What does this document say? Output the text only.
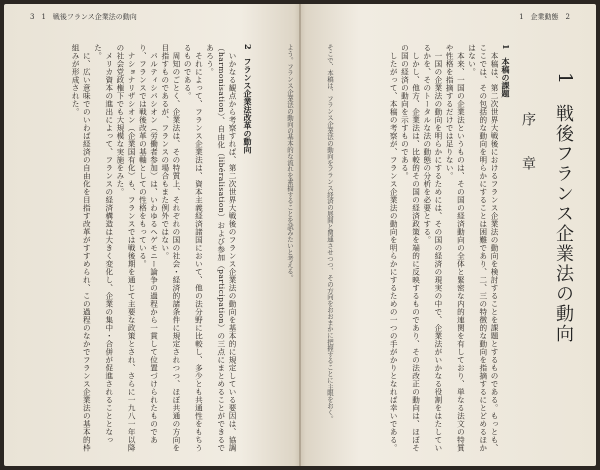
3　1　戦後フランス企業法の動向
よう。フランス企業法の動向の基本的な流れを素描することを試みたいと考える。
2　フランス企業法改革の動向

いかなる観点から考察すれば、第二次世界大戦後のフランス企業法の動向を基本的に規定している要因は、協調（harmonisation）、自由化（libéralisation）および参加（participation）の三点にまとめることができるであろう。

それによって、フランス企業法は、資本主義経済諸国において、他の法分野に比較し、多少とも共通性をもちうるものである。

周知のごとく、企業法は、その特質上、それぞれの国の社会・経済的諸条件に規定されつつ、ほぼ共通の方向を目指すものであるが、フランスの場合もまた例外ではない。

パルティシパシオン（労働者参加）は、いわゆるヘゲモニー論争の過程から一貫して位置づけられたものであり、フランスでは戦後改革の基軸としての性格をもっている。

ナショナリザシオン（企業国有化）も、フランスでは戦後期を通じて主要な政策とされ、さらに一九八一年以降の社会党政権下でも大規模な実施をみた。

メリカ資本の進出によって、フランスの経済構造は大きく変化し、企業の集中・合併が促進されることとなった。

に、広い意味でのいわば経済の自由化を目指す改革がすすめられ、この過程のなかでフランス企業法の基本的枠組みが形成された。

1　企業動態　2
1
戦後フランス企業法の動向
序　章
1　本稿の課題

本稿は、第二次世界大戦後におけるフランス企業法の動向を検討することを課題とするものである。もっとも、ここでは、その包括的な動向を明らかにすることは困難であり、二、三の特徴的な動向を指摘するにとどめるほかはない。

本来、一国の企業法というものは、その国の経済動向の全体と緊密な内的連関を有しており、単なる法文の特質や性格を指摘するだけでは足りない。

一国の企業法の動向を明らかにするためには、その国の経済の現実の中で、企業法がいかなる役割をはたしているかを、そのトータルな法の動態の分析を必要とする。

しかし、他方、企業法は、比較的その国の経済政策を端的に反映するものであり、その法改正の動向は、ほぼその国の経済の動向を示すものである。

したがって、本稿の考察が、フランス企業法の動向を明らかにするための一つの手がかりとなれば幸いである。

そこで、本稿は、フランス企業法の動向をフランス経済の展開と関連させつつ、その方向をおおまかに把握することに主眼をおく。
